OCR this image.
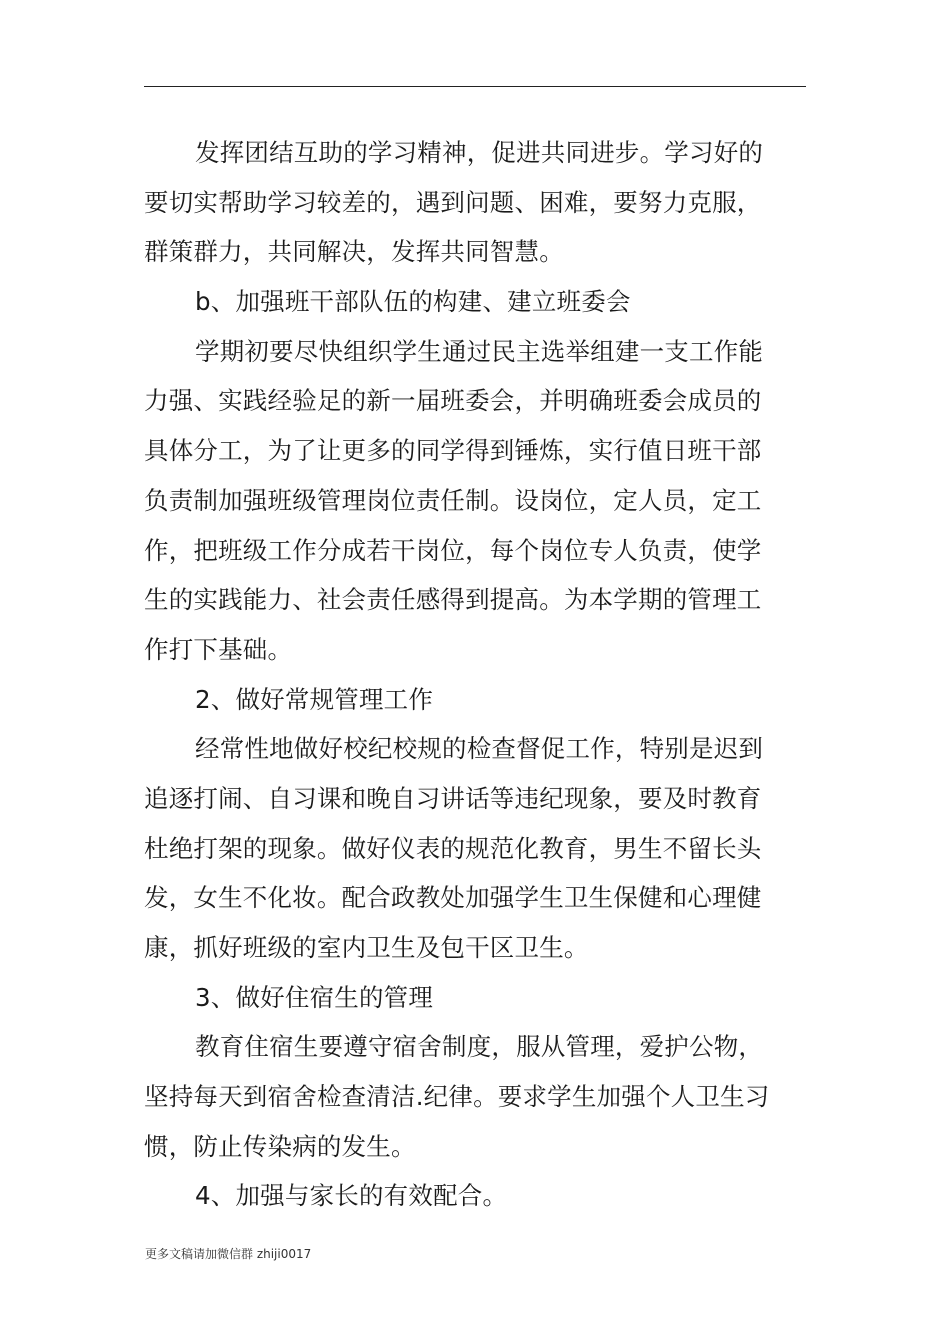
发挥团结互助的学习精神，促进共同进步。学习好的
要切实帮助学习较差的，遇到问题、困难，要努力克服，
群策群力，共同解决，发挥共同智慧。
b、加强班干部队伍的构建、建立班委会
学期初要尽快组织学生通过民主选举组建一支工作能
力强、实践经验足的新一届班委会，并明确班委会成员的
具体分工，为了让更多的同学得到锤炼，实行值日班干部
负责制加强班级管理岗位责任制。设岗位，定人员，定工
作，把班级工作分成若干岗位，每个岗位专人负责，使学
生的实践能力、社会责任感得到提高。为本学期的管理工
作打下基础。
2、做好常规管理工作
经常性地做好校纪校规的检查督促工作，特别是迟到
追逐打闹、自习课和晚自习讲话等违纪现象，要及时教育
杜绝打架的现象。做好仪表的规范化教育，男生不留长头
发，女生不化妆。配合政教处加强学生卫生保健和心理健
康，抓好班级的室内卫生及包干区卫生。
3、做好住宿生的管理
教育住宿生要遵守宿舍制度，服从管理，爱护公物，
坚持每天到宿舍检查清洁.纪律。要求学生加强个人卫生习
惯，防止传染病的发生。
4、加强与家长的有效配合。
更多文稿请加微信群 zhiji0017
